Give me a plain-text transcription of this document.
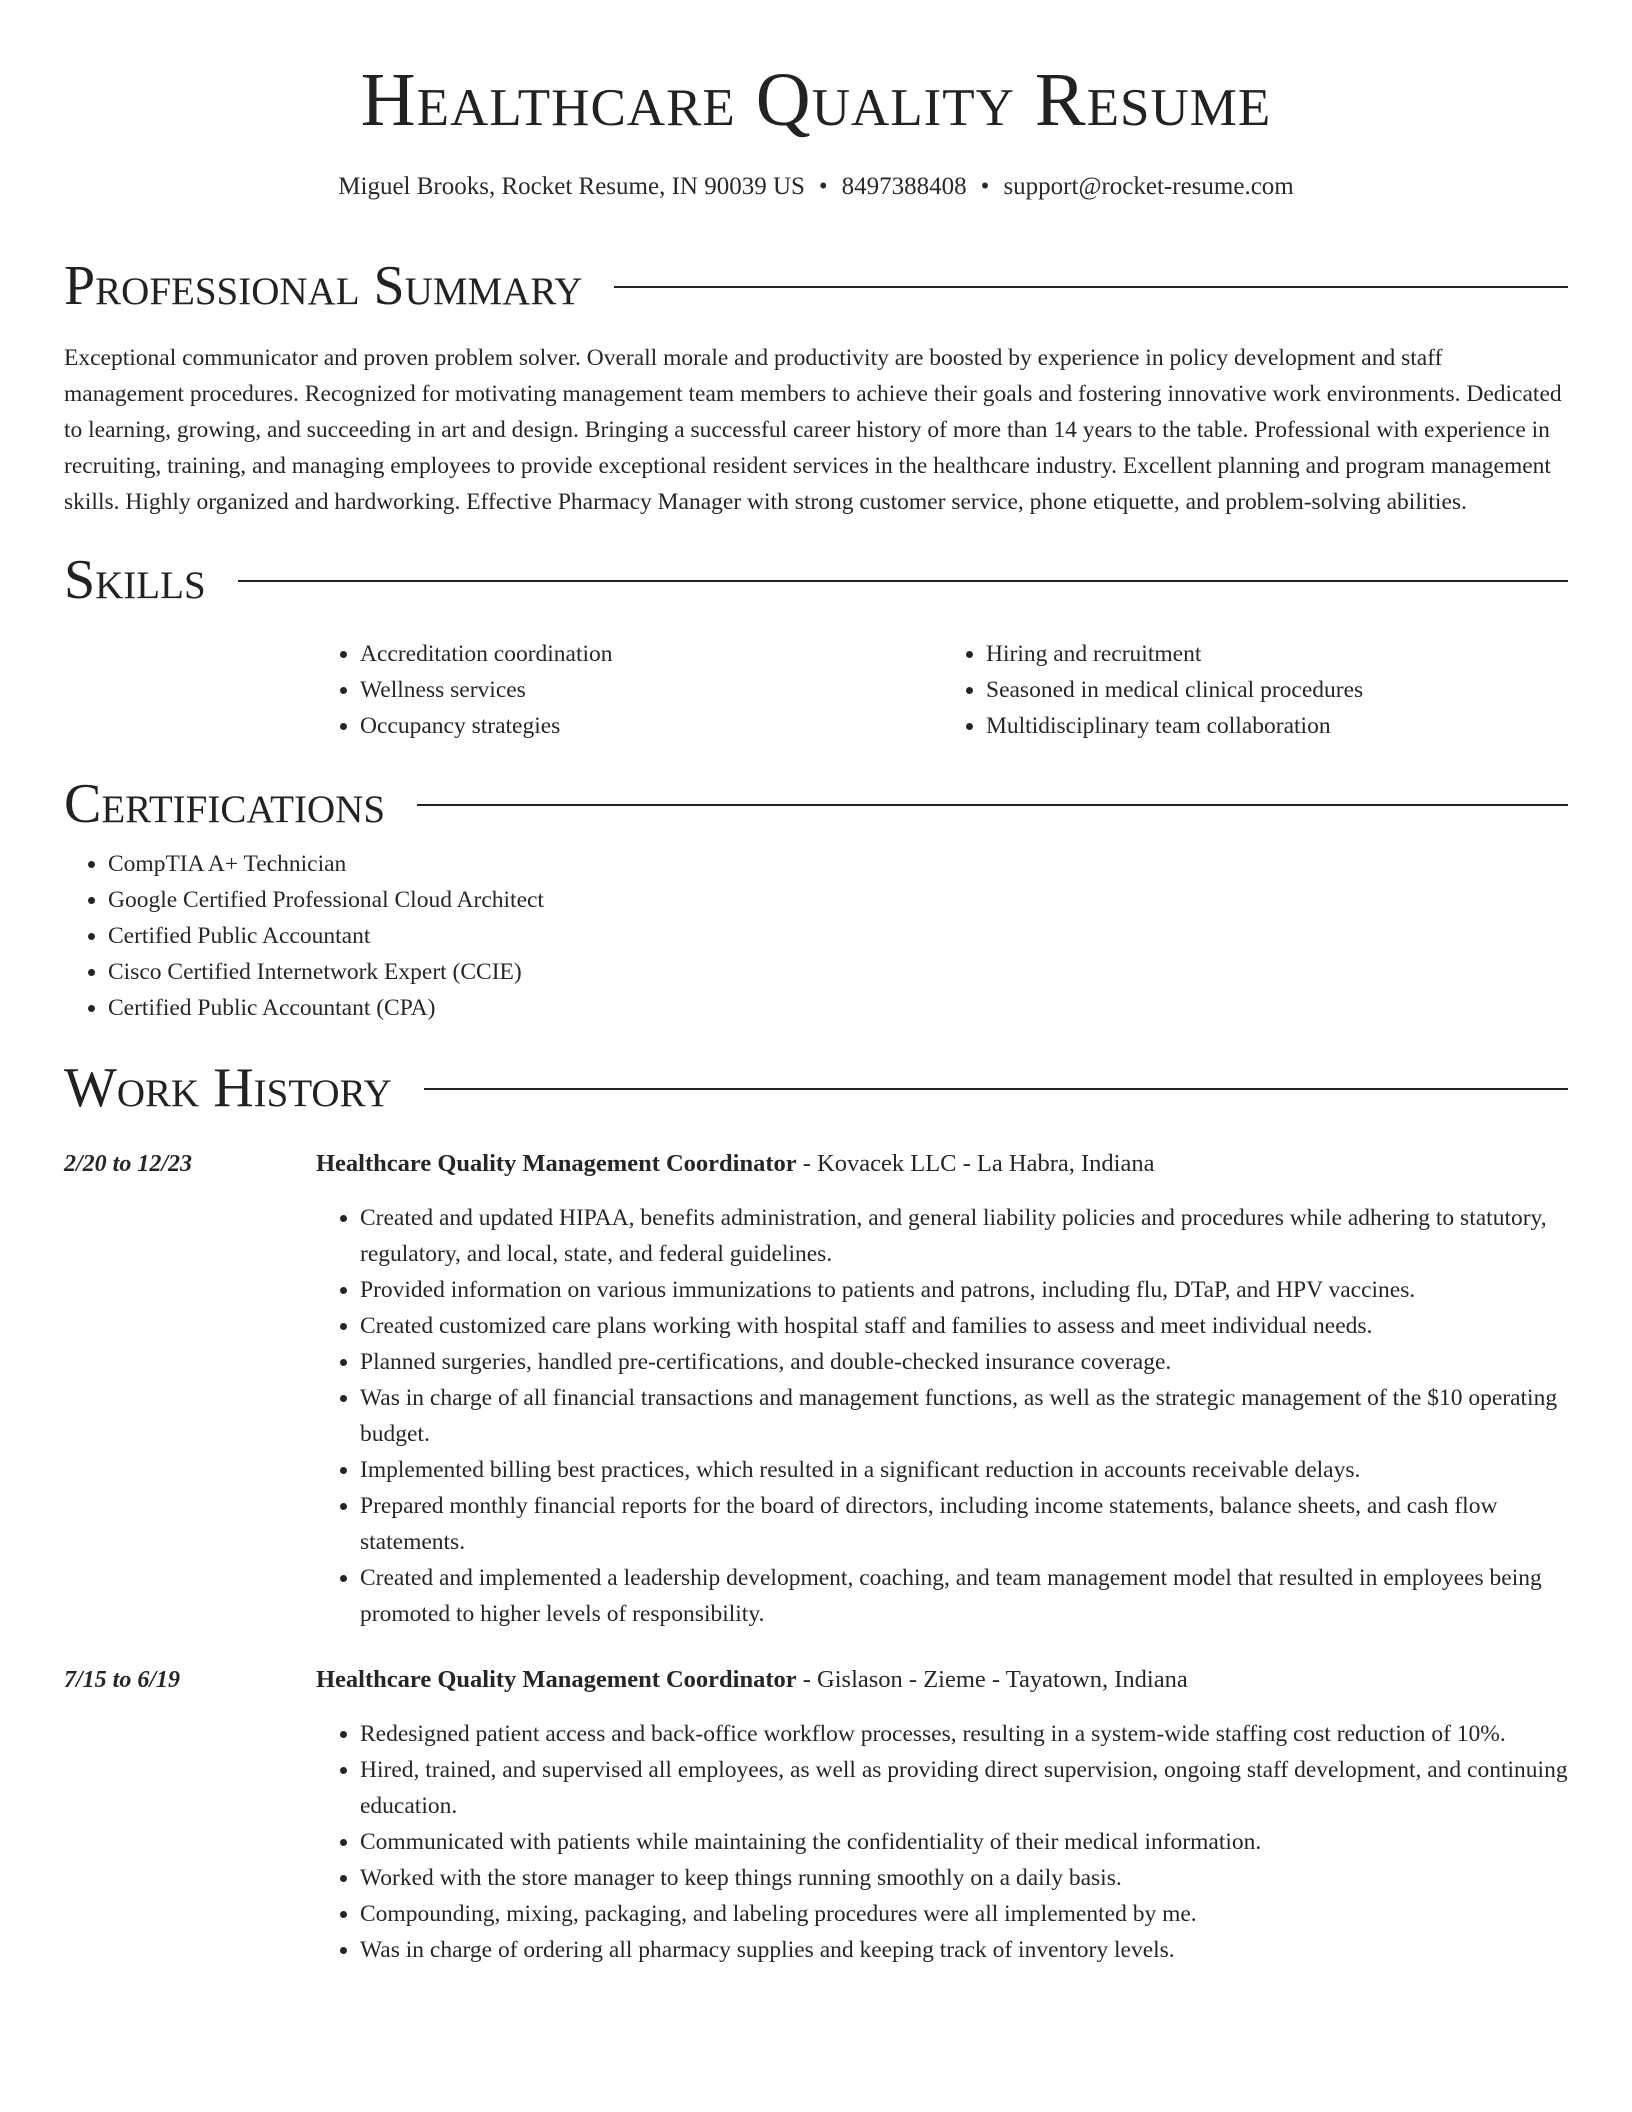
Healthcare Quality Resume
Miguel Brooks, Rocket Resume, IN 90039 US • 8497388408 • support@rocket-resume.com
Professional Summary

Exceptional communicator and proven problem solver. Overall morale and productivity are boosted by experience in policy development and staff management procedures. Recognized for motivating management team members to achieve their goals and fostering innovative work environments. Dedicated to learning, growing, and succeeding in art and design. Bringing a successful career history of more than 14 years to the table. Professional with experience in recruiting, training, and managing employees to provide exceptional resident services in the healthcare industry. Excellent planning and program management skills. Highly organized and hardworking. Effective Pharmacy Manager with strong customer service, phone etiquette, and problem-solving abilities.

Skills
• Accreditation coordination
• Wellness services
• Occupancy strategies
• Hiring and recruitment
• Seasoned in medical clinical procedures
• Multidisciplinary team collaboration
Certifications
• CompTIA A+ Technician
• Google Certified Professional Cloud Architect
• Certified Public Accountant
• Cisco Certified Internetwork Expert (CCIE)
• Certified Public Accountant (CPA)
Work History
2/20 to 12/23	Healthcare Quality Management Coordinator - Kovacek LLC - La Habra, Indiana
• Created and updated HIPAA, benefits administration, and general liability policies and procedures while adhering to statutory, regulatory, and local, state, and federal guidelines.
• Provided information on various immunizations to patients and patrons, including flu, DTaP, and HPV vaccines.
• Created customized care plans working with hospital staff and families to assess and meet individual needs.
• Planned surgeries, handled pre-certifications, and double-checked insurance coverage.
• Was in charge of all financial transactions and management functions, as well as the strategic management of the $10 operating budget.
• Implemented billing best practices, which resulted in a significant reduction in accounts receivable delays.
• Prepared monthly financial reports for the board of directors, including income statements, balance sheets, and cash flow statements.
• Created and implemented a leadership development, coaching, and team management model that resulted in employees being promoted to higher levels of responsibility.
7/15 to 6/19	Healthcare Quality Management Coordinator - Gislason - Zieme - Tayatown, Indiana
• Redesigned patient access and back-office workflow processes, resulting in a system-wide staffing cost reduction of 10%.
• Hired, trained, and supervised all employees, as well as providing direct supervision, ongoing staff development, and continuing education.
• Communicated with patients while maintaining the confidentiality of their medical information.
• Worked with the store manager to keep things running smoothly on a daily basis.
• Compounding, mixing, packaging, and labeling procedures were all implemented by me.
• Was in charge of ordering all pharmacy supplies and keeping track of inventory levels.
